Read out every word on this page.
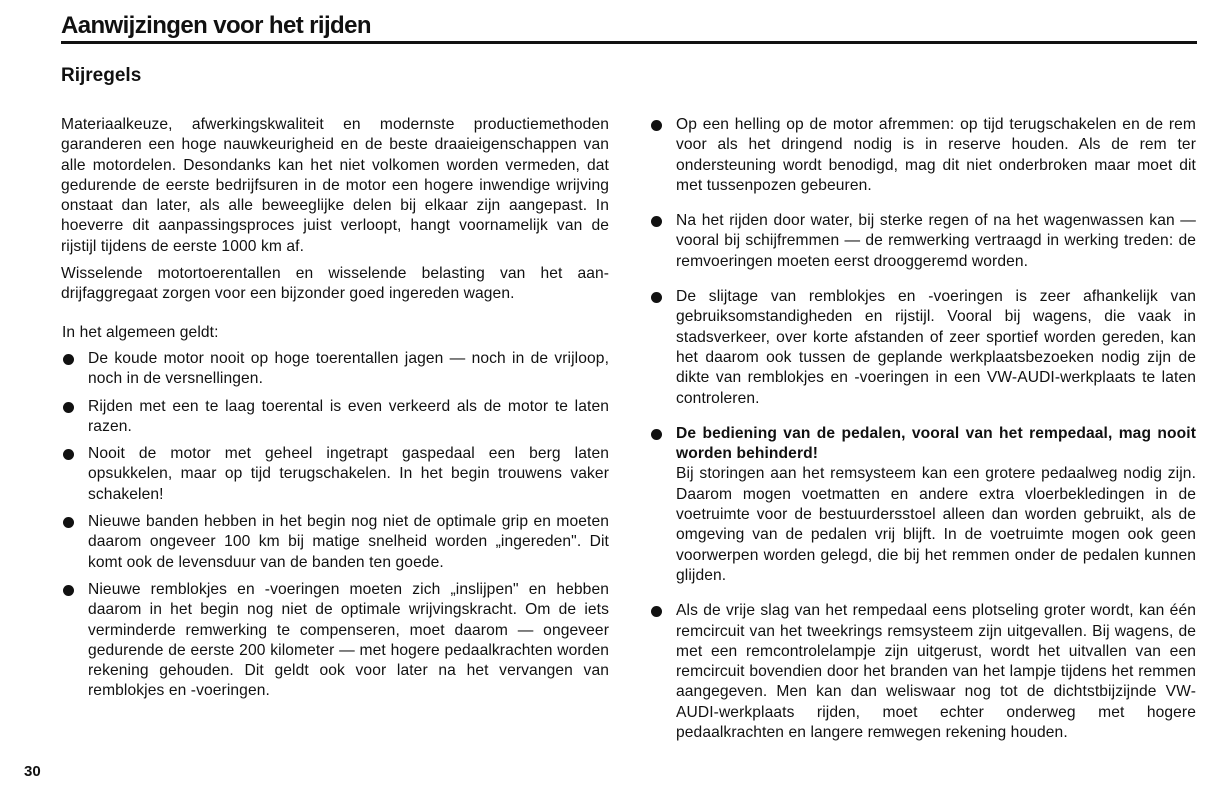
Aanwijzingen voor het rijden
Rijregels

Materiaalkeuze, afwerkingskwaliteit en modernste productiemethoden garanderen een hoge nauwkeurigheid en de beste draaieigenschappen van alle motordelen. Desondanks kan het niet volkomen worden vermeden, dat gedurende de eerste bedrijfsuren in de motor een hogere inwendige wrijving onstaat dan later, als alle beweeglijke delen bij elkaar zijn aangepast. In hoeverre dit aanpassingsproces juist verloopt, hangt voornamelijk van de rijstijl tijdens de eerste 1000 km af.

Wisselende motortoerentallen en wisselende belasting van het aandrijfaggregaat zorgen voor een bijzonder goed ingereden wagen.

In het algemeen geldt:

De koude motor nooit op hoge toerentallen jagen — noch in de vrijloop, noch in de versnellingen.
Rijden met een te laag toerental is even verkeerd als de motor te laten razen.
Nooit de motor met geheel ingetrapt gaspedaal een berg laten opsukkelen, maar op tijd terugschakelen. In het begin trouwens vaker schakelen!
Nieuwe banden hebben in het begin nog niet de optimale grip en moeten daarom ongeveer 100 km bij matige snelheid worden „ingereden". Dit komt ook de levensduur van de banden ten goede.
Nieuwe remblokjes en -voeringen moeten zich „inslijpen" en hebben daarom in het begin nog niet de optimale wrijvingskracht. Om de iets verminderde remwerking te compenseren, moet daarom — ongeveer gedurende de eerste 200 kilometer — met hogere pedaalkrachten worden rekening gehouden. Dit geldt ook voor later na het vervangen van remblokjes en -voeringen.
Op een helling op de motor afremmen: op tijd terugschakelen en de rem voor als het dringend nodig is in reserve houden. Als de rem ter ondersteuning wordt benodigd, mag dit niet onderbroken maar moet dit met tussenpozen gebeuren.
Na het rijden door water, bij sterke regen of na het wagenwassen kan — vooral bij schijfremmen — de remwerking vertraagd in werking treden: de remvoeringen moeten eerst drooggeremd worden.
De slijtage van remblokjes en -voeringen is zeer afhankelijk van gebruiksomstandigheden en rijstijl. Vooral bij wagens, die vaak in stadsverkeer, over korte afstanden of zeer sportief worden gereden, kan het daarom ook tussen de geplande werkplaatsbezoeken nodig zijn de dikte van remblokjes en -voeringen in een VW-AUDI-werkplaats te laten controleren.
De bediening van de pedalen, vooral van het rempedaal, mag nooit worden behinderd!
Bij storingen aan het remsysteem kan een grotere pedaalweg nodig zijn. Daarom mogen voetmatten en andere extra vloerbekledingen in de voetruimte voor de bestuurdersstoel alleen dan worden gebruikt, als de omgeving van de pedalen vrij blijft. In de voetruimte mogen ook geen voorwerpen worden gelegd, die bij het remmen onder de pedalen kunnen glijden.
Als de vrije slag van het rempedaal eens plotseling groter wordt, kan één remcircuit van het tweekrings remsysteem zijn uitgevallen. Bij wagens, de met een remcontrolelampje zijn uitgerust, wordt het uitvallen van een remcircuit bovendien door het branden van het lampje tijdens het remmen aangegeven. Men kan dan weliswaar nog tot de dichtstbijzijnde VW-AUDI-werkplaats rijden, moet echter onderweg met hogere pedaalkrachten en langere remwegen rekening houden.
30
